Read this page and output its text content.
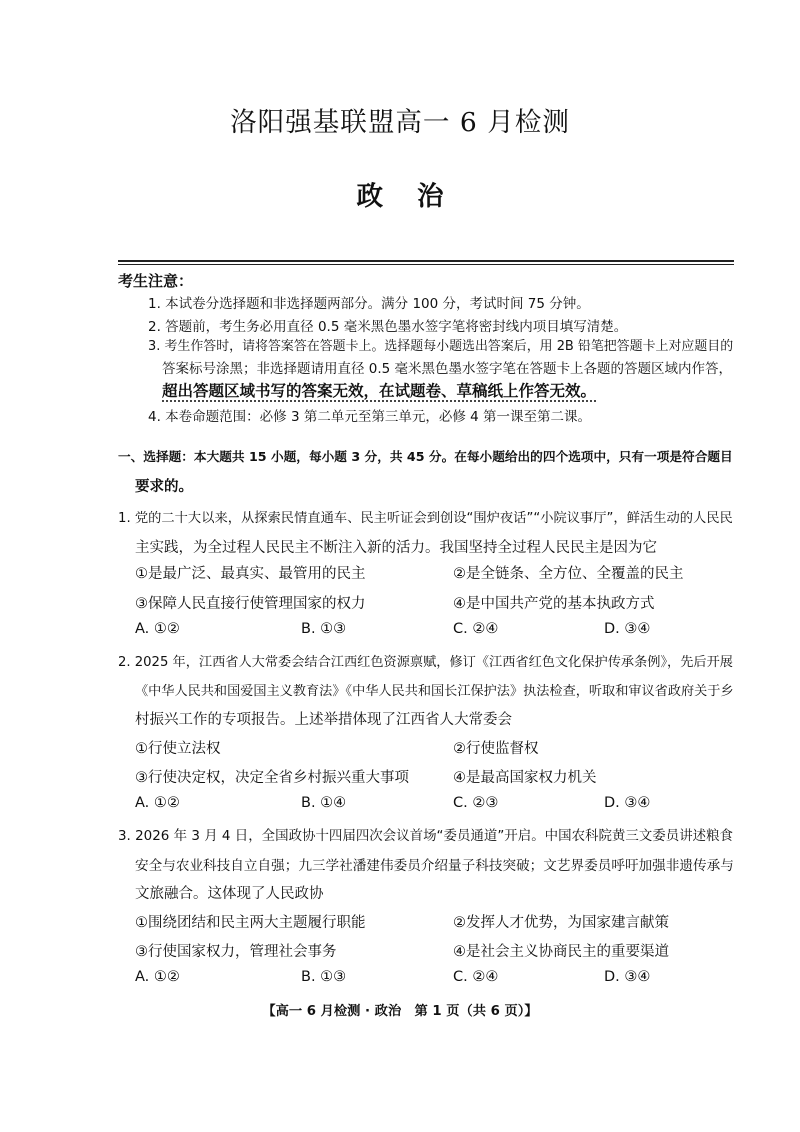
洛阳强基联盟高一 6 月检测
政治
考生注意：
1. 本试卷分选择题和非选择题两部分。满分 100 分，考试时间 75 分钟。
2. 答题前，考生务必用直径 0.5 毫米黑色墨水签字笔将密封线内项目填写清楚。
3. 考生作答时，请将答案答在答题卡上。选择题每小题选出答案后，用 2B 铅笔把答题卡上对应题目的
答案标号涂黑；非选择题请用直径 0.5 毫米黑色墨水签字笔在答题卡上各题的答题区域内作答，
超出答题区域书写的答案无效，在试题卷、草稿纸上作答无效。
4. 本卷命题范围：必修 3 第二单元至第三单元，必修 4 第一课至第二课。
一、选择题：本大题共 15 小题，每小题 3 分，共 45 分。在每小题给出的四个选项中，只有一项是符合题目
要求的。
1. 党的二十大以来，从探索民情直通车、民主听证会到创设“围炉夜话”“小院议事厅”，鲜活生动的人民民
主实践，为全过程人民民主不断注入新的活力。我国坚持全过程人民民主是因为它
①是最广泛、最真实、最管用的民主	②是全链条、全方位、全覆盖的民主
③保障人民直接行使管理国家的权力	④是中国共产党的基本执政方式
A. ①②	B. ①③	C. ②④	D. ③④
2. 2025 年，江西省人大常委会结合江西红色资源禀赋，修订《江西省红色文化保护传承条例》，先后开展
《中华人民共和国爱国主义教育法》《中华人民共和国长江保护法》执法检查，听取和审议省政府关于乡
村振兴工作的专项报告。上述举措体现了江西省人大常委会
①行使立法权	②行使监督权
③行使决定权，决定全省乡村振兴重大事项	④是最高国家权力机关
A. ①②	B. ①④	C. ②③	D. ③④
3. 2026 年 3 月 4 日，全国政协十四届四次会议首场“委员通道”开启。中国农科院黄三文委员讲述粮食
安全与农业科技自立自强；九三学社潘建伟委员介绍量子科技突破；文艺界委员呼吁加强非遗传承与
文旅融合。这体现了人民政协
①围绕团结和民主两大主题履行职能	②发挥人才优势，为国家建言献策
③行使国家权力，管理社会事务	④是社会主义协商民主的重要渠道
A. ①②	B. ①③	C. ②④	D. ③④
【高一 6 月检测 · 政治　第 1 页（共 6 页）】
